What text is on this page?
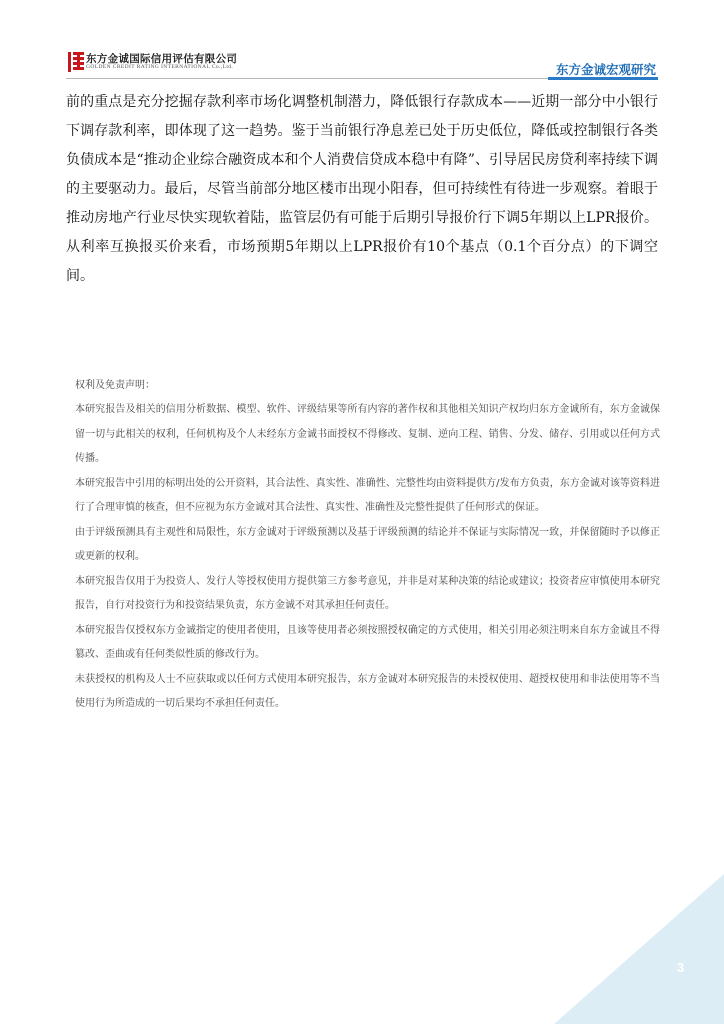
东方金诚国际信用评估有限公司
GOLDEN CREDIT RATING INTERNATIONAL Co.,Ltd.	东方金诚宏观研究

前的重点是充分挖掘存款利率市场化调整机制潜力，降低银行存款成本——近期一部分中小银行下调存款利率，即体现了这一趋势。鉴于当前银行净息差已处于历史低位，降低或控制银行各类负债成本是“推动企业综合融资成本和个人消费信贷成本稳中有降”、引导居民房贷利率持续下调的主要驱动力。最后，尽管当前部分地区楼市出现小阳春，但可持续性有待进一步观察。着眼于推动房地产行业尽快实现软着陆，监管层仍有可能于后期引导报价行下调5年期以上LPR报价。从利率互换报买价来看，市场预期5年期以上LPR报价有10个基点（0.1个百分点）的下调空间。

权利及免责声明：

本研究报告及相关的信用分析数据、模型、软件、评级结果等所有内容的著作权和其他相关知识产权均归东方金诚所有，东方金诚保留一切与此相关的权利，任何机构及个人未经东方金诚书面授权不得修改、复制、逆向工程、销售、分发、储存、引用或以任何方式传播。

本研究报告中引用的标明出处的公开资料，其合法性、真实性、准确性、完整性均由资料提供方/发布方负责，东方金诚对该等资料进行了合理审慎的核查，但不应视为东方金诚对其合法性、真实性、准确性及完整性提供了任何形式的保证。

由于评级预测具有主观性和局限性，东方金诚对于评级预测以及基于评级预测的结论并不保证与实际情况一致，并保留随时予以修正或更新的权利。

本研究报告仅用于为投资人、发行人等授权使用方提供第三方参考意见，并非是对某种决策的结论或建议；投资者应审慎使用本研究报告，自行对投资行为和投资结果负责，东方金诚不对其承担任何责任。

本研究报告仅授权东方金诚指定的使用者使用，且该等使用者必须按照授权确定的方式使用，相关引用必须注明来自东方金诚且不得篡改、歪曲或有任何类似性质的修改行为。

未获授权的机构及人士不应获取或以任何方式使用本研究报告，东方金诚对本研究报告的未授权使用、超授权使用和非法使用等不当使用行为所造成的一切后果均不承担任何责任。

3
